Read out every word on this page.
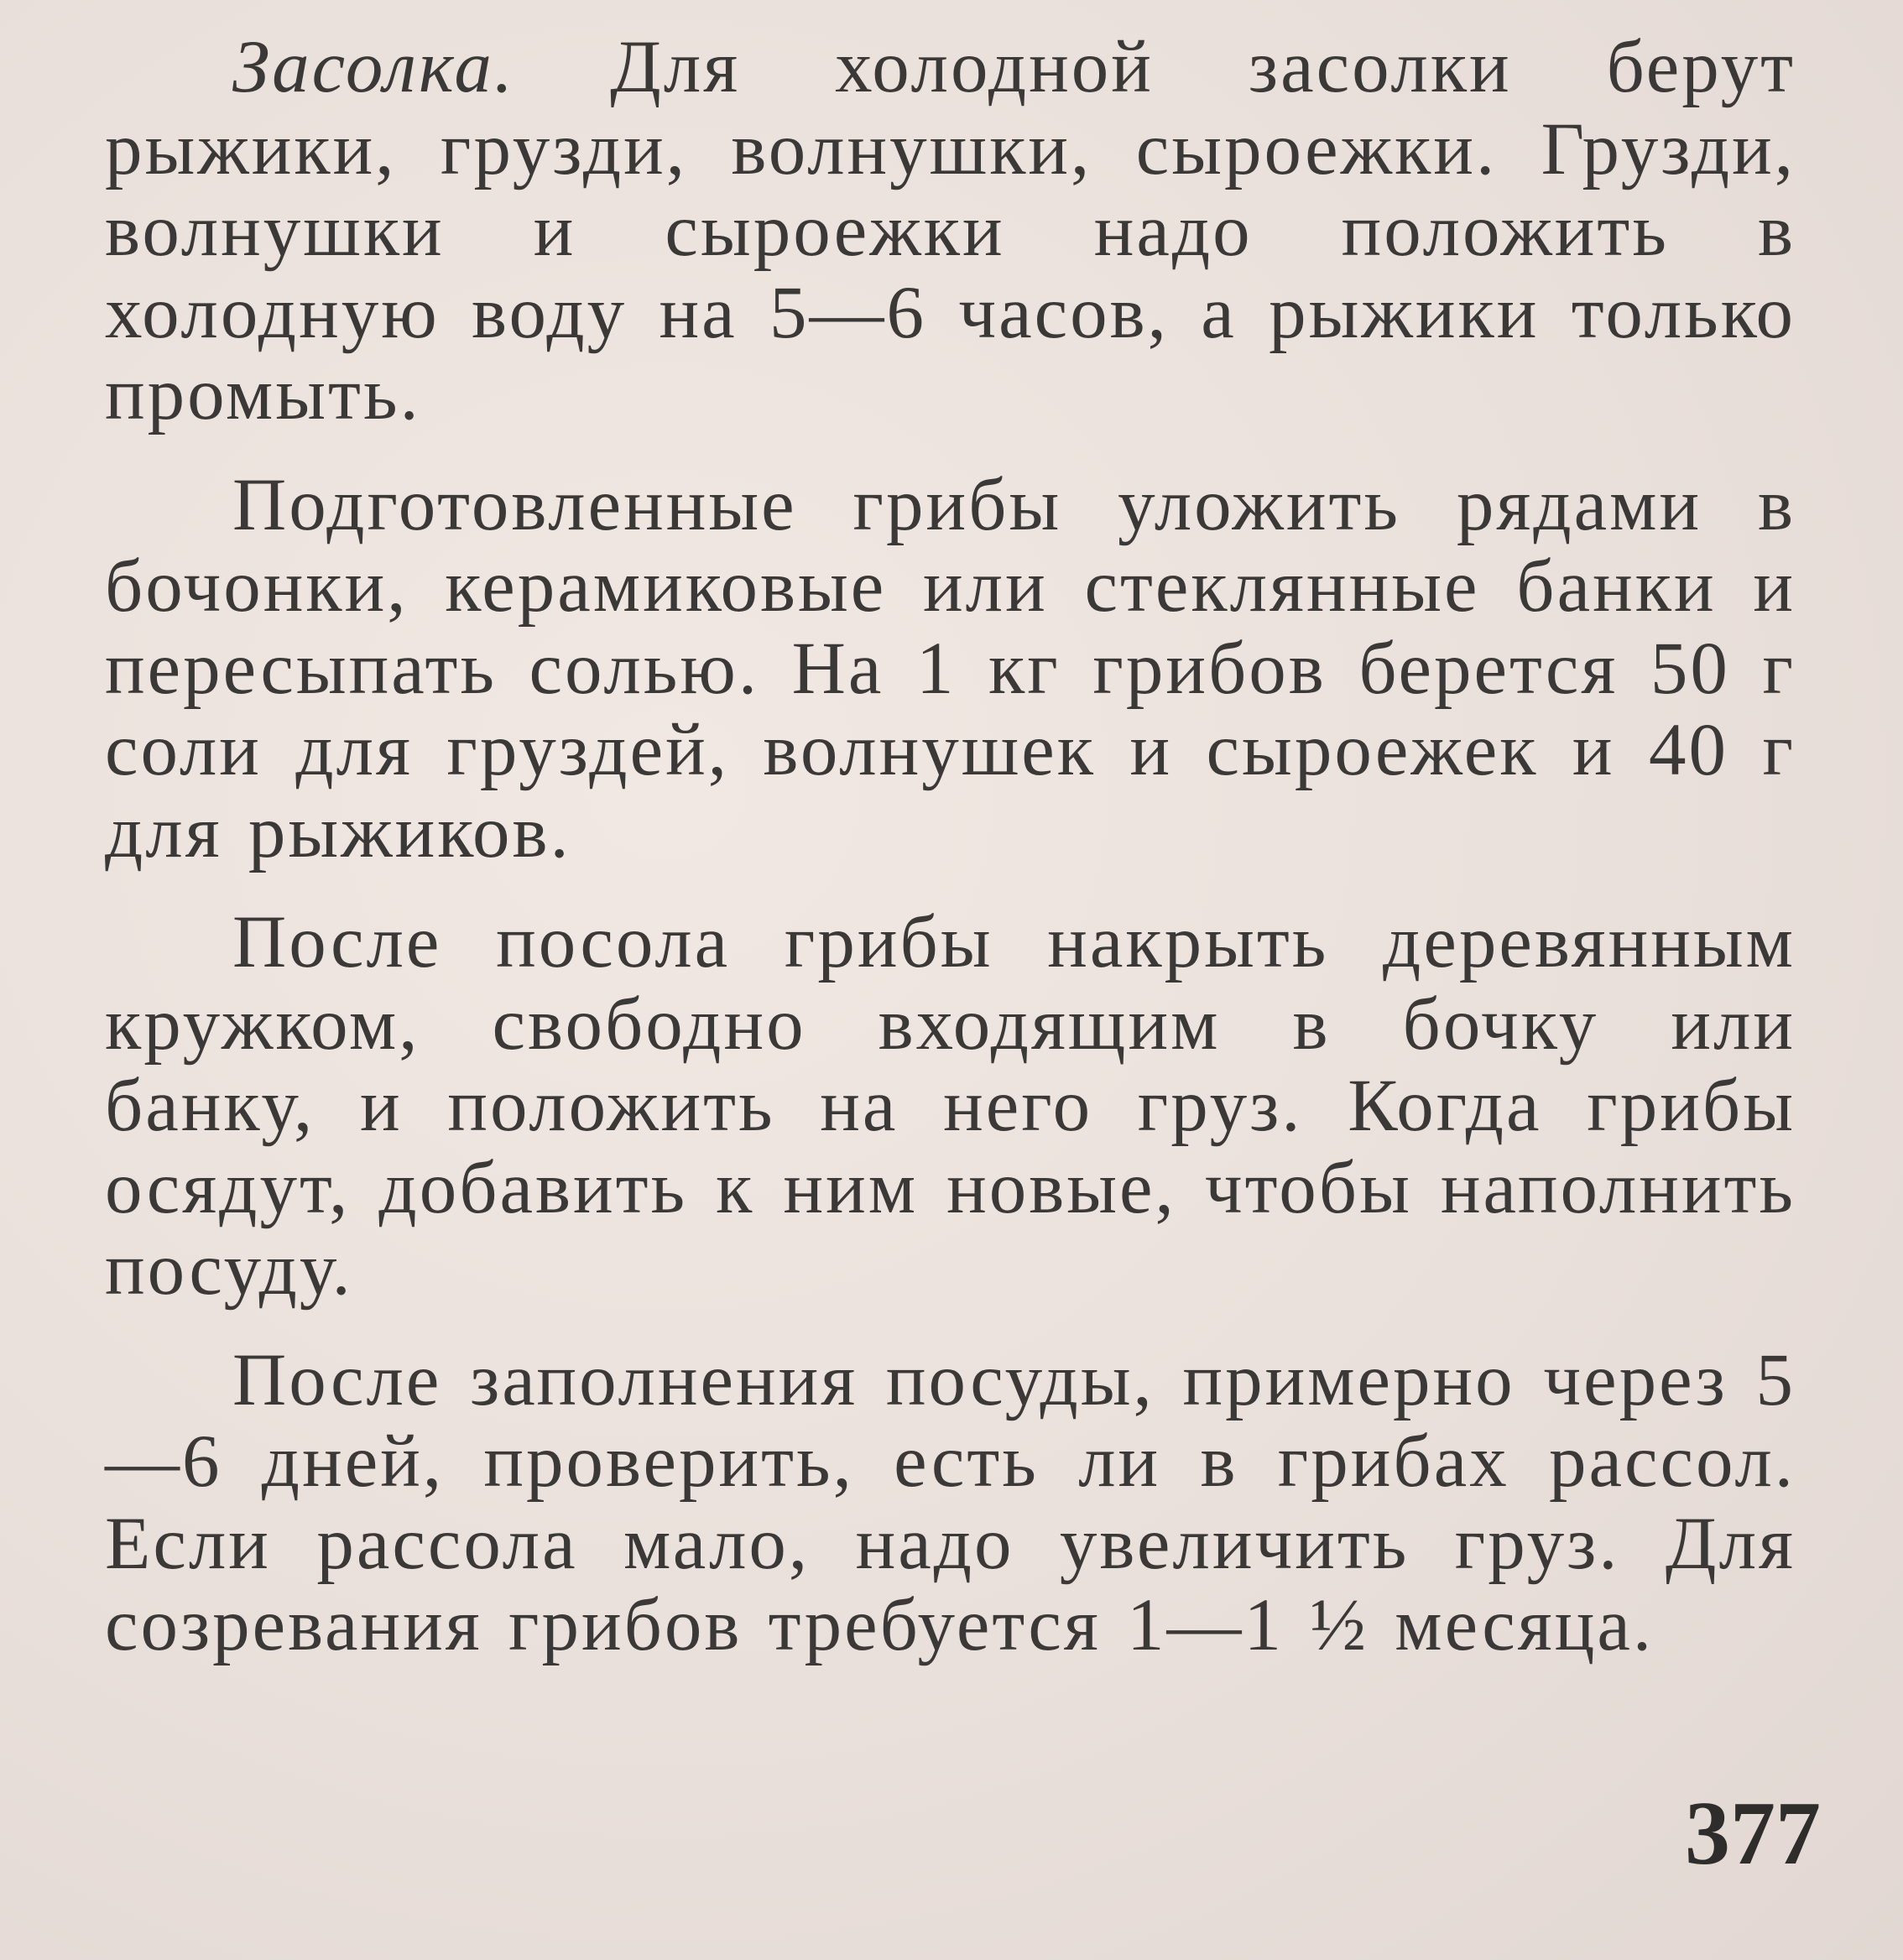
Засолка. Для холодной засолки берут рыжики, грузди, волнушки, сыроежки. Грузди, волнушки и сыроежки надо положить в холодную воду на 5—6 часов, а рыжики только промыть.

Подготовленные грибы уложить рядами в бочонки, керамиковые или стеклянные банки и пересыпать солью. На 1 кг грибов берется 50 г соли для груздей, волнушек и сыроежек и 40 г для рыжиков.

После посола грибы накрыть деревянным кружком, свободно входящим в бочку или банку, и положить на него груз. Когда грибы осядут, добавить к ним новые, чтобы наполнить посуду.

После заполнения посуды, примерно через 5—6 дней, проверить, есть ли в грибах рассол. Если рассола мало, надо увеличить груз. Для созревания грибов требуется 1—1 ½ месяца.

377
